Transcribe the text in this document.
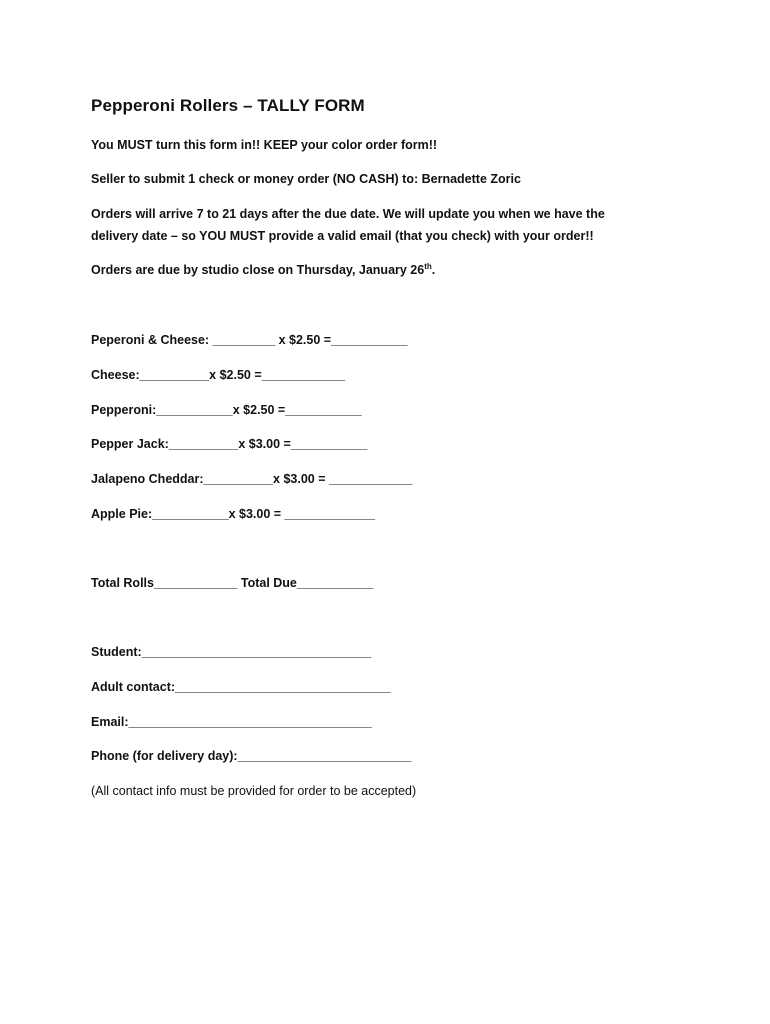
Pepperoni Rollers – TALLY FORM
You MUST turn this form in!! KEEP your color order form!!
Seller to submit 1 check or money order (NO CASH) to: Bernadette Zoric
Orders will arrive 7 to 21 days after the due date. We will update you when we have the
delivery date – so YOU MUST provide a valid email (that you check) with your order!!
Orders are due by studio close on Thursday, January 26th.
Peperoni & Cheese: _________ x $2.50 =___________
Cheese:__________x $2.50 =____________
Pepperoni:___________x $2.50 =___________
Pepper Jack:__________x $3.00 =___________
Jalapeno Cheddar:__________x $3.00 = ____________
Apple Pie:___________x $3.00 = _____________
Total Rolls____________ Total Due___________
Student:_________________________________
Adult contact:_______________________________
Email:___________________________________
Phone (for delivery day):_________________________
(All contact info must be provided for order to be accepted)
